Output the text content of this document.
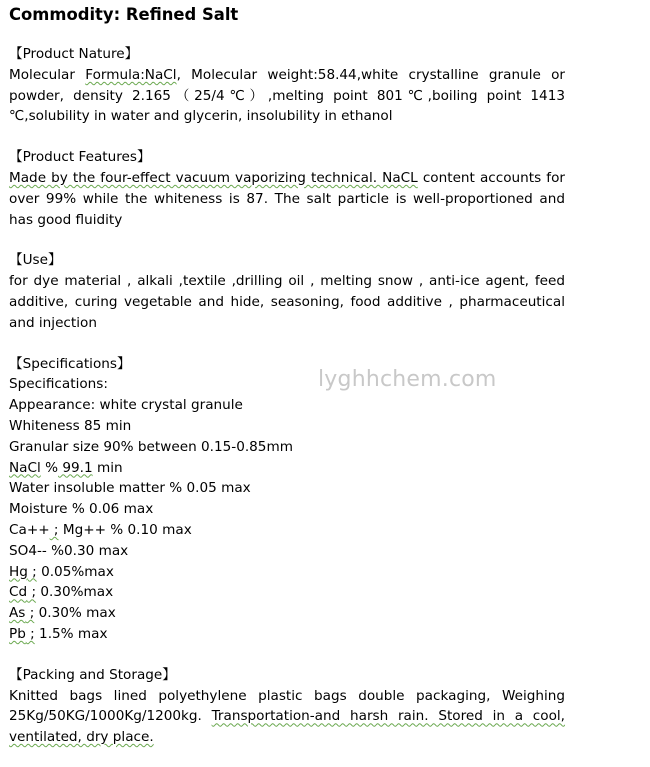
Commodity: Refined Salt
【Product Nature】
Molecular Formula:NaCl, Molecular weight:58.44,white crystalline granule or powder, density 2.165（25/4℃）,melting point 801℃,boiling point 1413 ℃,solubility in water and glycerin, insolubility in ethanol
【Product Features】
Made by the four-effect vacuum vaporizing technical. NaCL content accounts for over 99% while the whiteness is 87. The salt particle is well-proportioned and has good fluidity
【Use】
for dye material , alkali ,textile ,drilling oil , melting snow , anti-ice agent, feed additive, curing vegetable and hide, seasoning, food additive , pharmaceutical and injection
【Specifications】
Specifications:
Appearance: white crystal granule
Whiteness 85 min
Granular size 90% between 0.15-0.85mm
NaCl % 99.1 min
Water insoluble matter % 0.05 max
Moisture % 0.06 max
Ca++ ; Mg++ % 0.10 max
SO4-- %0.30 max
Hg ; 0.05%max
Cd ; 0.30%max
As ; 0.30% max
Pb ; 1.5% max
【Packing and Storage】
Knitted bags lined polyethylene plastic bags double packaging, Weighing 25Kg/50KG/1000Kg/1200kg. Transportation-and harsh rain. Stored in a cool, ventilated, dry place.
lyghhchem.com
